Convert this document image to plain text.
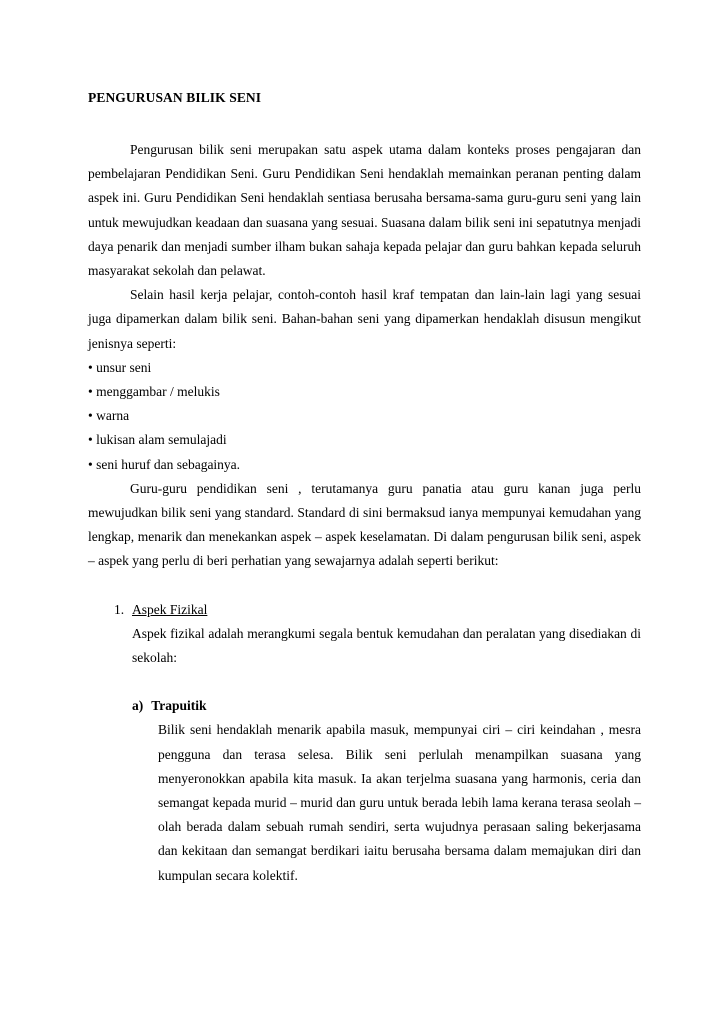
PENGURUSAN BILIK SENI

Pengurusan bilik seni merupakan satu aspek utama dalam konteks proses pengajaran dan pembelajaran Pendidikan Seni. Guru Pendidikan Seni hendaklah memainkan peranan penting dalam aspek ini. Guru Pendidikan Seni hendaklah sentiasa berusaha bersama-sama guru-guru seni yang lain untuk mewujudkan keadaan dan suasana yang sesuai. Suasana dalam bilik seni ini sepatutnya menjadi daya penarik dan menjadi sumber ilham bukan sahaja kepada pelajar dan guru bahkan kepada seluruh masyarakat sekolah dan pelawat.

Selain hasil kerja pelajar, contoh-contoh hasil kraf tempatan dan lain-lain lagi yang sesuai juga dipamerkan dalam bilik seni. Bahan-bahan seni yang dipamerkan hendaklah disusun mengikut jenisnya seperti:

• unsur seni

• menggambar / melukis

• warna

• lukisan alam semulajadi

• seni huruf dan sebagainya.

Guru-guru pendidikan seni , terutamanya guru panatia atau guru kanan juga perlu mewujudkan bilik seni yang standard. Standard di sini bermaksud ianya mempunyai kemudahan yang lengkap, menarik dan menekankan aspek – aspek keselamatan. Di dalam pengurusan bilik seni, aspek – aspek yang perlu di beri perhatian yang sewajarnya adalah seperti berikut:

1. Aspek Fizikal

Aspek fizikal adalah merangkumi segala bentuk kemudahan dan peralatan yang disediakan di sekolah:

a) Trapuitik

Bilik seni hendaklah menarik apabila masuk, mempunyai ciri – ciri keindahan , mesra pengguna dan terasa selesa. Bilik seni perlulah menampilkan suasana yang menyeronokkan apabila kita masuk. Ia akan terjelma suasana yang harmonis, ceria dan semangat kepada murid – murid dan guru untuk berada lebih lama kerana terasa seolah – olah berada dalam sebuah rumah sendiri, serta wujudnya perasaan saling bekerjasama dan kekitaan dan semangat berdikari iaitu berusaha bersama dalam memajukan diri dan kumpulan secara kolektif.
